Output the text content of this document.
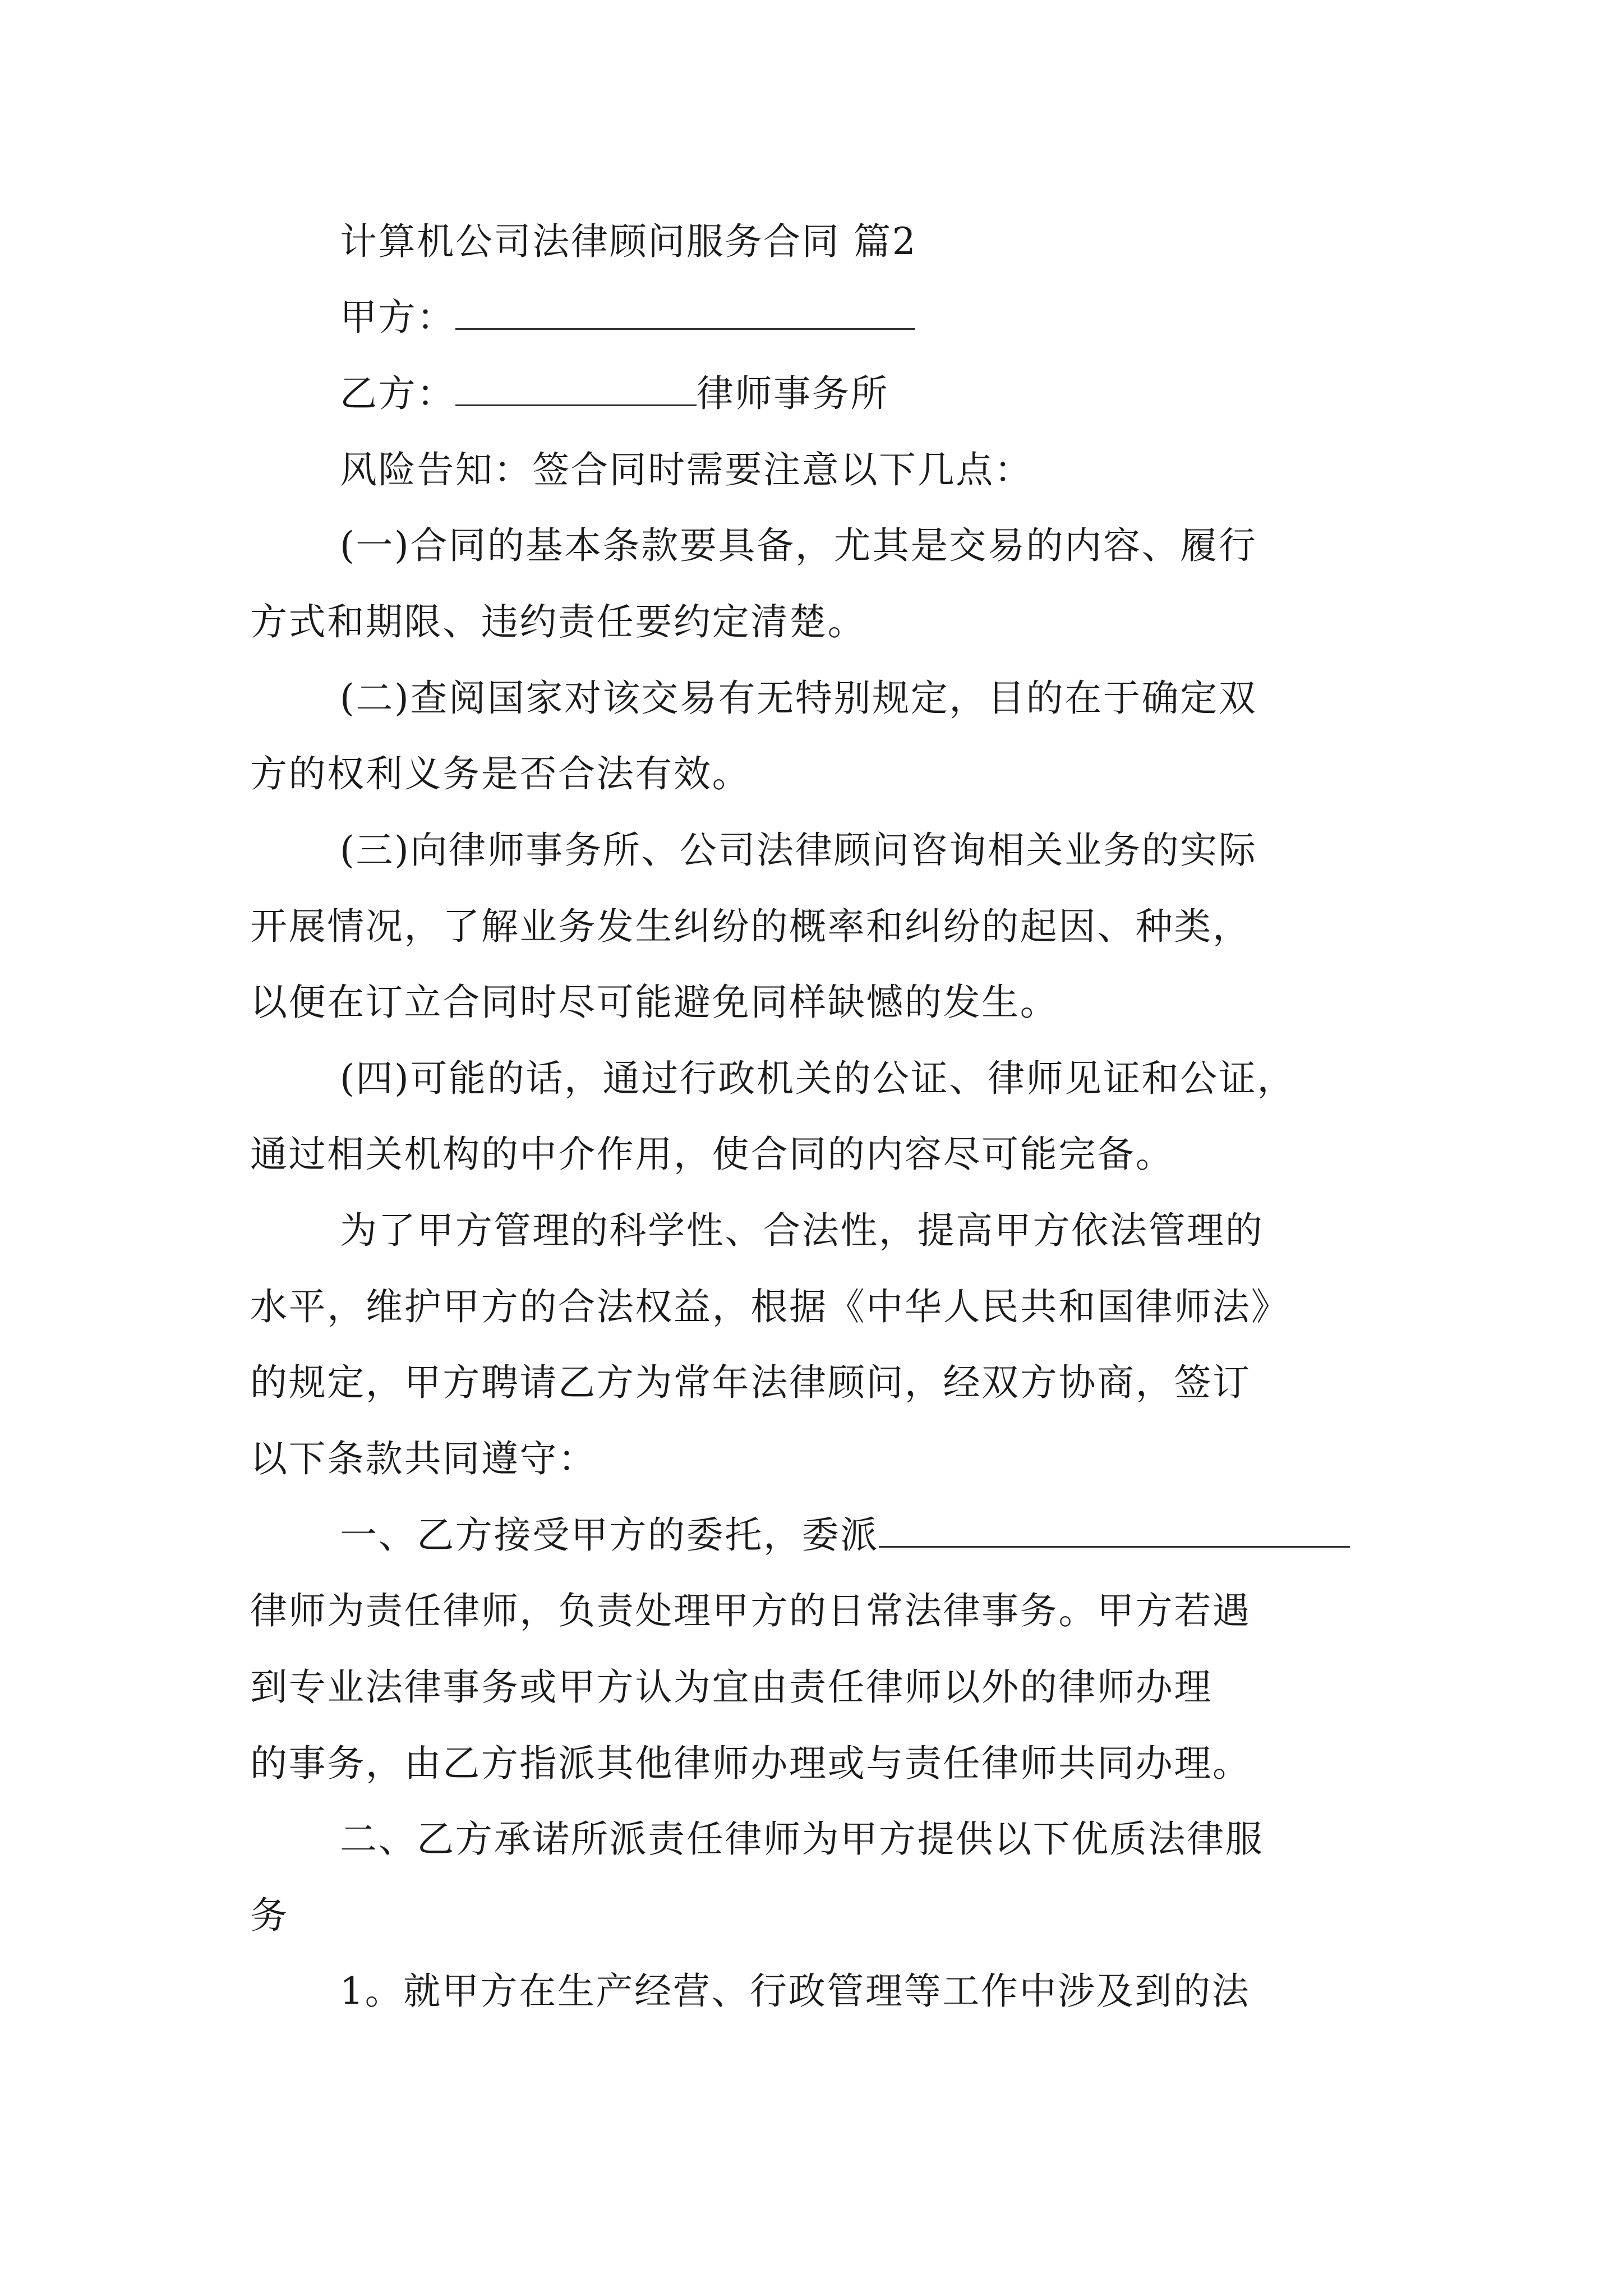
计算机公司法律顾问服务合同 篇2
甲方：
乙方：	律师事务所
风险告知：签合同时需要注意以下几点：
(一)合同的基本条款要具备，尤其是交易的内容、履行
方式和期限、违约责任要约定清楚。
(二)查阅国家对该交易有无特别规定，目的在于确定双
方的权利义务是否合法有效。
(三)向律师事务所、公司法律顾问咨询相关业务的实际
开展情况，了解业务发生纠纷的概率和纠纷的起因、种类，
以便在订立合同时尽可能避免同样缺憾的发生。
(四)可能的话，通过行政机关的公证、律师见证和公证，
通过相关机构的中介作用，使合同的内容尽可能完备。
为了甲方管理的科学性、合法性，提高甲方依法管理的
水平，维护甲方的合法权益，根据《中华人民共和国律师法》
的规定，甲方聘请乙方为常年法律顾问，经双方协商，签订
以下条款共同遵守：
一、乙方接受甲方的委托，委派
律师为责任律师，负责处理甲方的日常法律事务。甲方若遇
到专业法律事务或甲方认为宜由责任律师以外的律师办理
的事务，由乙方指派其他律师办理或与责任律师共同办理。
二、乙方承诺所派责任律师为甲方提供以下优质法律服
务
1。就甲方在生产经营、行政管理等工作中涉及到的法
